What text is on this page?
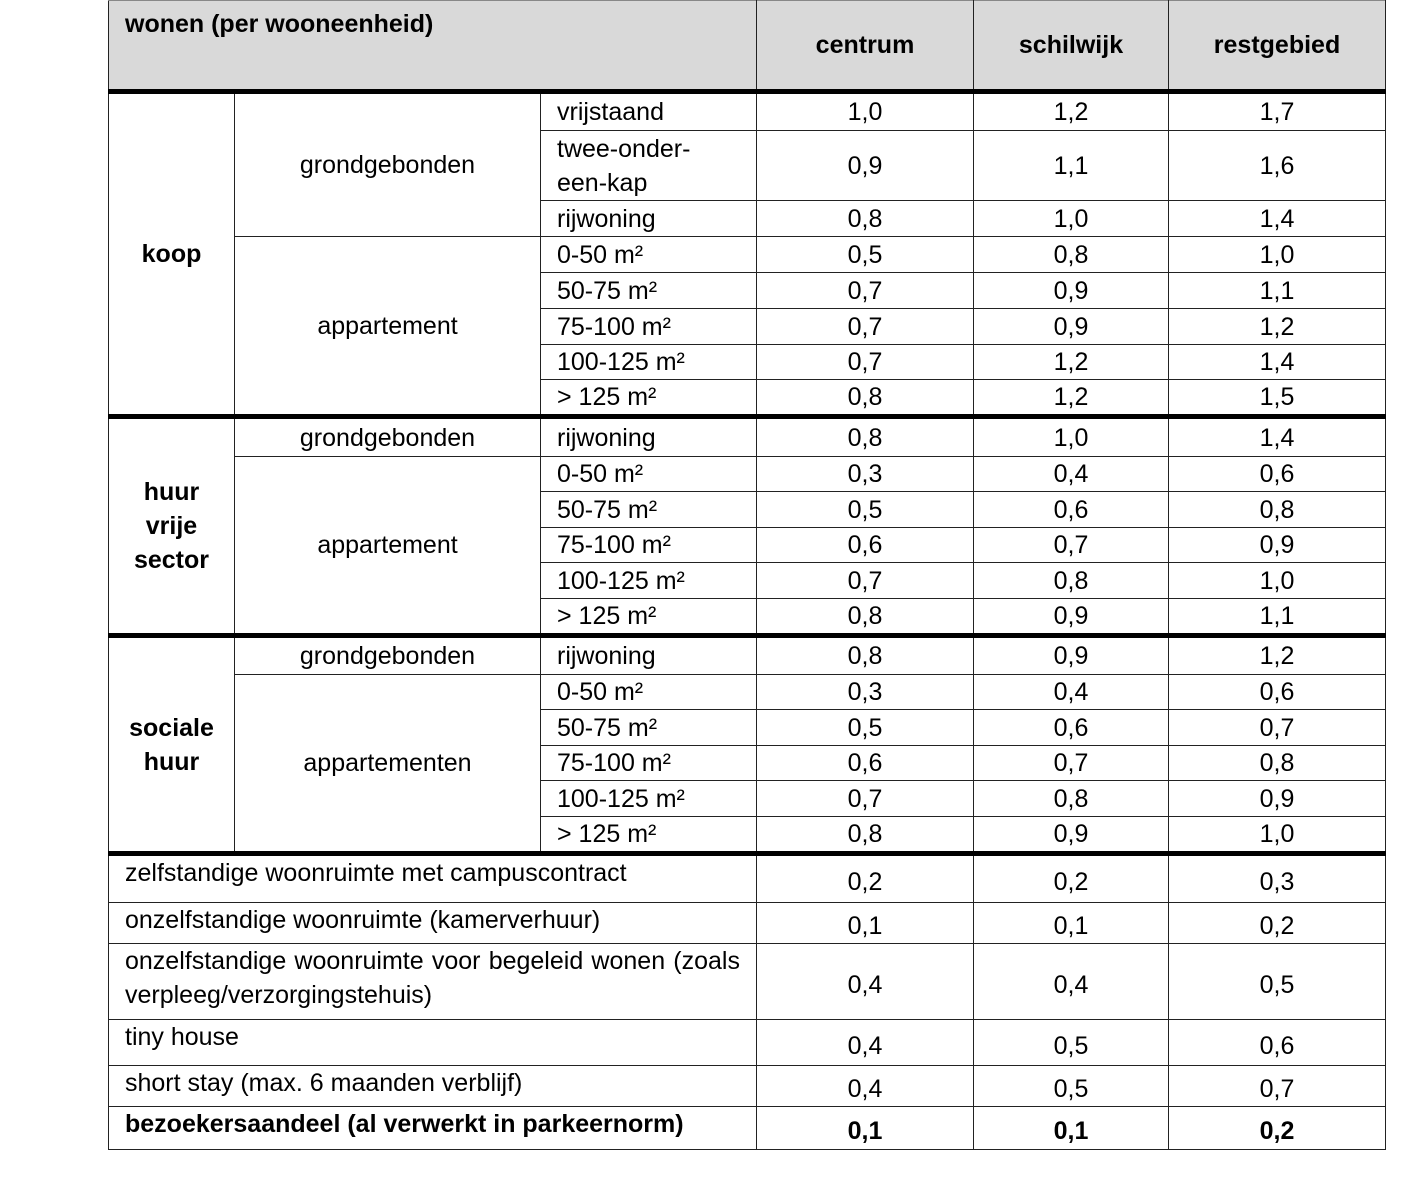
wonen (per wooneenheid)			centrum	schilwijk	restgebied
koop	grondgebonden	vrijstaand	1,0	1,2	1,7
		twee-onder-een-kap	0,9	1,1	1,6
		rijwoning	0,8	1,0	1,4
	appartement	0-50 m²	0,5	0,8	1,0
		50-75 m²	0,7	0,9	1,1
		75-100 m²	0,7	0,9	1,2
		100-125 m²	0,7	1,2	1,4
		> 125 m²	0,8	1,2	1,5
huur vrije sector	grondgebonden	rijwoning	0,8	1,0	1,4
	appartement	0-50 m²	0,3	0,4	0,6
		50-75 m²	0,5	0,6	0,8
		75-100 m²	0,6	0,7	0,9
		100-125 m²	0,7	0,8	1,0
		> 125 m²	0,8	0,9	1,1
sociale huur	grondgebonden	rijwoning	0,8	0,9	1,2
	appartementen	0-50 m²	0,3	0,4	0,6
		50-75 m²	0,5	0,6	0,7
		75-100 m²	0,6	0,7	0,8
		100-125 m²	0,7	0,8	0,9
		> 125 m²	0,8	0,9	1,0
zelfstandige woonruimte met campuscontract			0,2	0,2	0,3
onzelfstandige woonruimte (kamerverhuur)			0,1	0,1	0,2
onzelfstandige woonruimte voor begeleid wonen (zoals verpleeg/verzorgingstehuis)			0,4	0,4	0,5
tiny house			0,4	0,5	0,6
short stay (max. 6 maanden verblijf)			0,4	0,5	0,7
bezoekersaandeel (al verwerkt in parkeernorm)			0,1	0,1	0,2
